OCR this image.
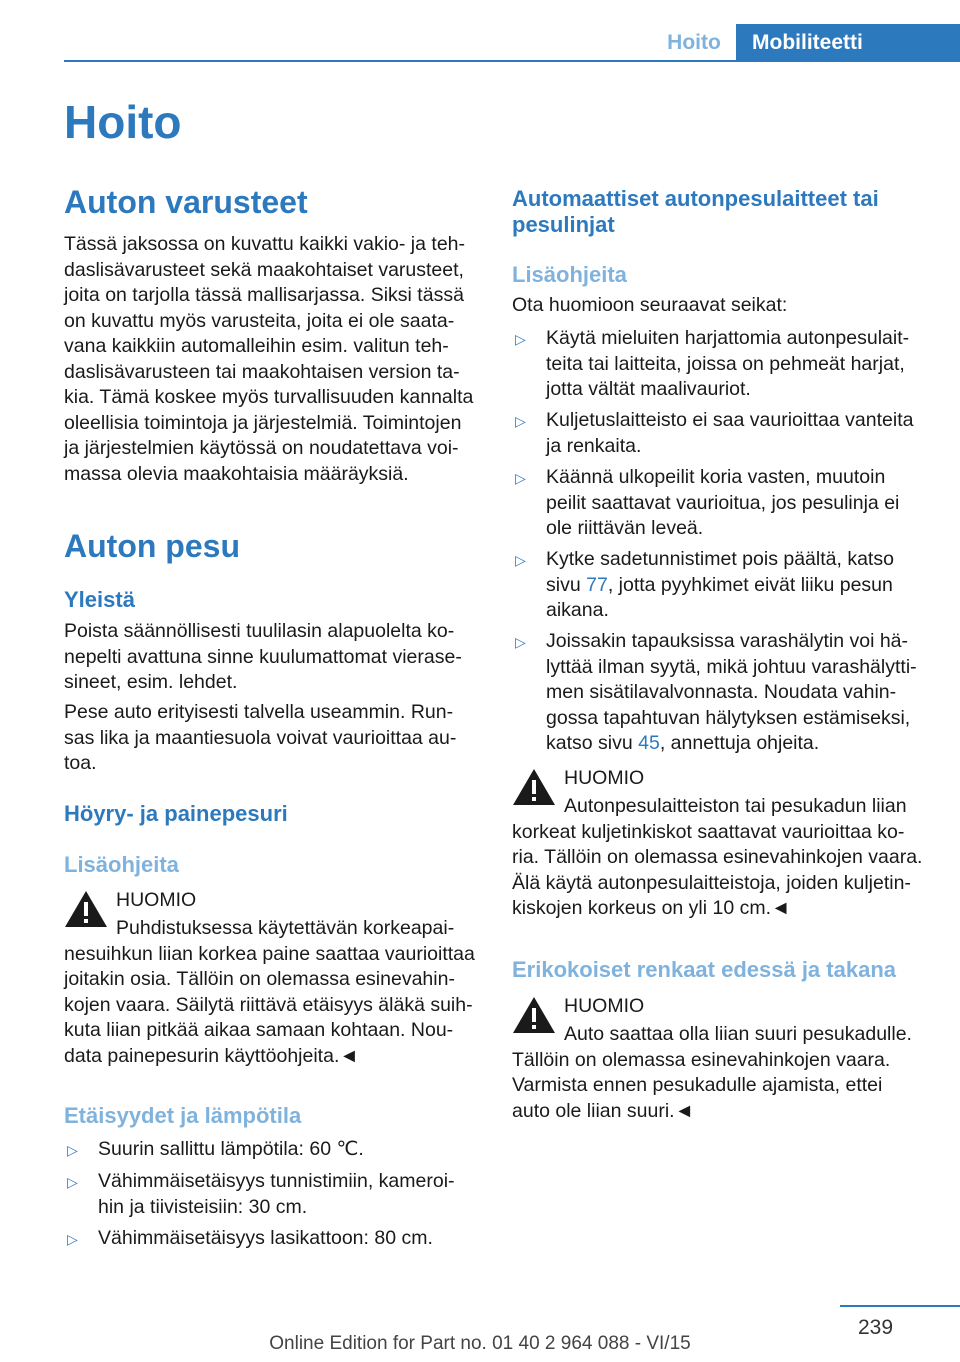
Hoito	Mobiliteetti
Hoito
Auton varusteet
Tässä jaksossa on kuvattu kaikki vakio- ja teh-
daslisävarusteet sekä maakohtaiset varusteet,
joita on tarjolla tässä mallisarjassa. Siksi tässä
on kuvattu myös varusteita, joita ei ole saata-
vana kaikkiin automalleihin esim. valitun teh-
daslisävarusteen tai maakohtaisen version ta-
kia. Tämä koskee myös turvallisuuden kannalta
oleellisia toimintoja ja järjestelmiä. Toimintojen
ja järjestelmien käytössä on noudatettava voi-
massa olevia maakohtaisia määräyksiä.
Auton pesu
Yleistä
Poista säännöllisesti tuulilasin alapuolelta ko-
nepelti avattuna sinne kuulumattomat vierase-
sineet, esim. lehdet.
Pese auto erityisesti talvella useammin. Run-
sas lika ja maantiesuola voivat vaurioittaa au-
toa.
Höyry- ja painepesuri
Lisäohjeita
HUOMIO
Puhdistuksessa käytettävän korkeapai-
nesuihkun liian korkea paine saattaa vaurioittaa
joitakin osia. Tällöin on olemassa esinevahin-
kojen vaara. Säilytä riittävä etäisyys äläkä suih-
kuta liian pitkää aikaa samaan kohtaan. Nou-
data painepesurin käyttöohjeita.◄
Etäisyydet ja lämpötila
▷	Suurin sallittu lämpötila: 60 ℃.
▷	Vähimmäisetäisyys tunnistimiin, kameroi-
hin ja tiivisteisiin: 30 cm.
▷	Vähimmäisetäisyys lasikattoon: 80 cm.
Automaattiset autonpesulaitteet tai
pesulinjat
Lisäohjeita
Ota huomioon seuraavat seikat:
▷	Käytä mieluiten harjattomia autonpesulait-
teita tai laitteita, joissa on pehmeät harjat,
jotta vältät maalivauriot.
▷	Kuljetuslaitteisto ei saa vaurioittaa vanteita
ja renkaita.
▷	Käännä ulkopeilit koria vasten, muutoin
peilit saattavat vaurioitua, jos pesulinja ei
ole riittävän leveä.
▷	Kytke sadetunnistimet pois päältä, katso
sivu 77, jotta pyyhkimet eivät liiku pesun
aikana.
▷	Joissakin tapauksissa varashälytin voi hä-
lyttää ilman syytä, mikä johtuu varashälytti-
men sisätilavalvonnasta. Noudata vahin-
gossa tapahtuvan hälytyksen estämiseksi,
katso sivu 45, annettuja ohjeita.
HUOMIO
Autonpesulaitteiston tai pesukadun liian
korkeat kuljetinkiskot saattavat vaurioittaa ko-
ria. Tällöin on olemassa esinevahinkojen vaara.
Älä käytä autonpesulaitteistoja, joiden kuljetin-
kiskojen korkeus on yli 10 cm.◄
Erikokoiset renkaat edessä ja takana
HUOMIO
Auto saattaa olla liian suuri pesukadulle.
Tällöin on olemassa esinevahinkojen vaara.
Varmista ennen pesukadulle ajamista, ettei
auto ole liian suuri.◄
239
Online Edition for Part no. 01 40 2 964 088 - VI/15
